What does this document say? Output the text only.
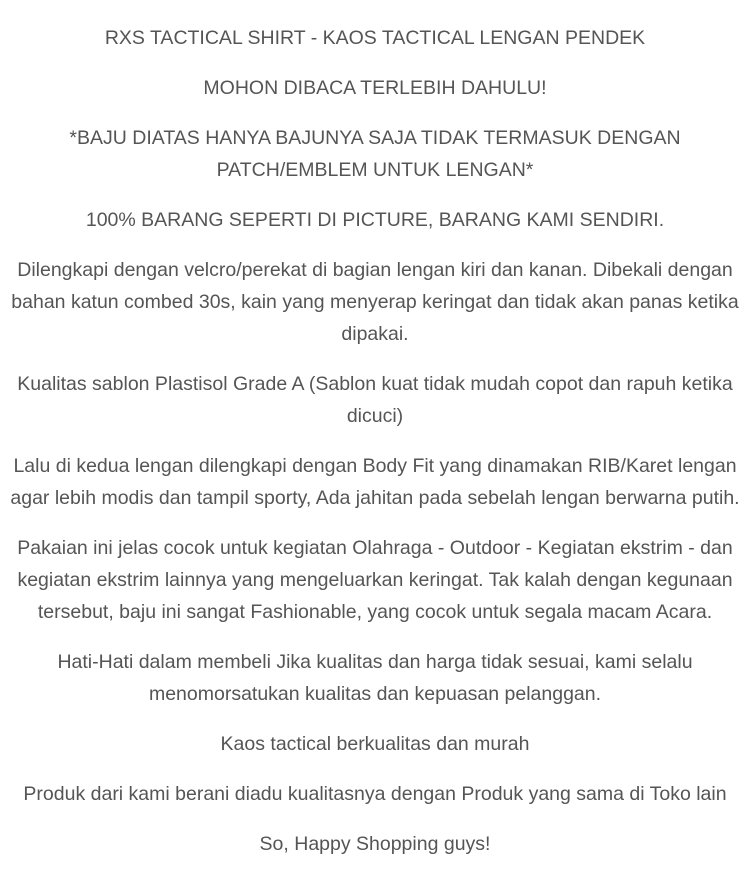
RXS TACTICAL SHIRT - KAOS TACTICAL LENGAN PENDEK

MOHON DIBACA TERLEBIH DAHULU!

*BAJU DIATAS HANYA BAJUNYA SAJA TIDAK TERMASUK DENGAN PATCH/EMBLEM UNTUK LENGAN*

100% BARANG SEPERTI DI PICTURE, BARANG KAMI SENDIRI.

Dilengkapi dengan velcro/perekat di bagian lengan kiri dan kanan. Dibekali dengan bahan katun combed 30s, kain yang menyerap keringat dan tidak akan panas ketika dipakai.

Kualitas sablon Plastisol Grade A (Sablon kuat tidak mudah copot dan rapuh ketika dicuci)

Lalu di kedua lengan dilengkapi dengan Body Fit yang dinamakan RIB/Karet lengan agar lebih modis dan tampil sporty, Ada jahitan pada sebelah lengan berwarna putih.

Pakaian ini jelas cocok untuk kegiatan Olahraga - Outdoor - Kegiatan ekstrim - dan kegiatan ekstrim lainnya yang mengeluarkan keringat. Tak kalah dengan kegunaan tersebut, baju ini sangat Fashionable, yang cocok untuk segala macam Acara.

Hati-Hati dalam membeli Jika kualitas dan harga tidak sesuai, kami selalu menomorsatukan kualitas dan kepuasan pelanggan.

Kaos tactical berkualitas dan murah

Produk dari kami berani diadu kualitasnya dengan Produk yang sama di Toko lain

So, Happy Shopping guys!
